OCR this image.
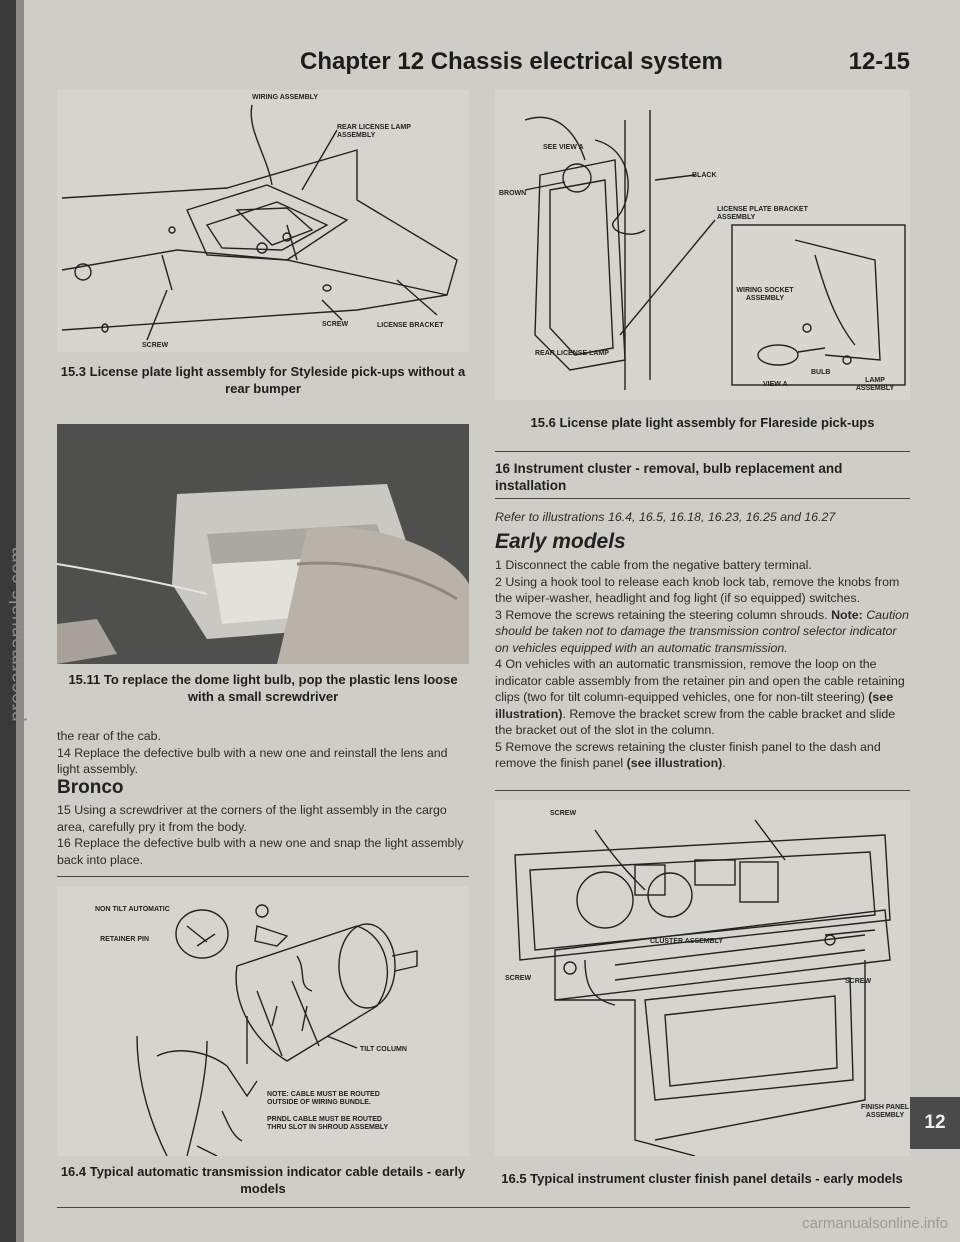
procarmanuals.com
Chapter 12 Chassis electrical system	12-15
WIRING ASSEMBLY
REAR LICENSE LAMP ASSEMBLY
SCREW	LICENSE BRACKET
SCREW
15.3 License plate light assembly for Styleside pick-ups without a rear bumper
15.11 To replace the dome light bulb, pop the plastic lens loose with a small screwdriver

the rear of the cab.

14 Replace the defective bulb with a new one and reinstall the lens and light assembly.

Bronco

15 Using a screwdriver at the corners of the light assembly in the cargo area, carefully pry it from the body.

16 Replace the defective bulb with a new one and snap the light assembly back into place.

NON TILT AUTOMATIC
RETAINER PIN
TILT COLUMN
NOTE: CABLE MUST BE ROUTED OUTSIDE OF WIRING BUNDLE.
PRNDL CABLE MUST BE ROUTED THRU SLOT IN SHROUD ASSEMBLY
16.4 Typical automatic transmission indicator cable details - early models
SEE VIEW A
BLACK
BROWN
LICENSE PLATE BRACKET ASSEMBLY
WIRING SOCKET ASSEMBLY
BULB
VIEW A
LAMP ASSEMBLY
REAR LICENSE LAMP
15.6 License plate light assembly for Flareside pick-ups
16 Instrument cluster - removal, bulb replacement and installation
Refer to illustrations 16.4, 16.5, 16.18, 16.23, 16.25 and 16.27
Early models

1 Disconnect the cable from the negative battery terminal.

2 Using a hook tool to release each knob lock tab, remove the knobs from the wiper-washer, headlight and fog light (if so equipped) switches.

3 Remove the screws retaining the steering column shrouds. Note: Caution should be taken not to damage the transmission control selector indicator on vehicles equipped with an automatic transmission.

4 On vehicles with an automatic transmission, remove the loop on the indicator cable assembly from the retainer pin and open the cable retaining clips (two for tilt column-equipped vehicles, one for non-tilt steering) (see illustration). Remove the bracket screw from the cable bracket and slide the bracket out of the slot in the column.

5 Remove the screws retaining the cluster finish panel to the dash and remove the finish panel (see illustration).

SCREW
CLUSTER ASSEMBLY
SCREW	SCREW
FINISH PANEL ASSEMBLY
16.5 Typical instrument cluster finish panel details - early models
12
carmanualsonline.info
